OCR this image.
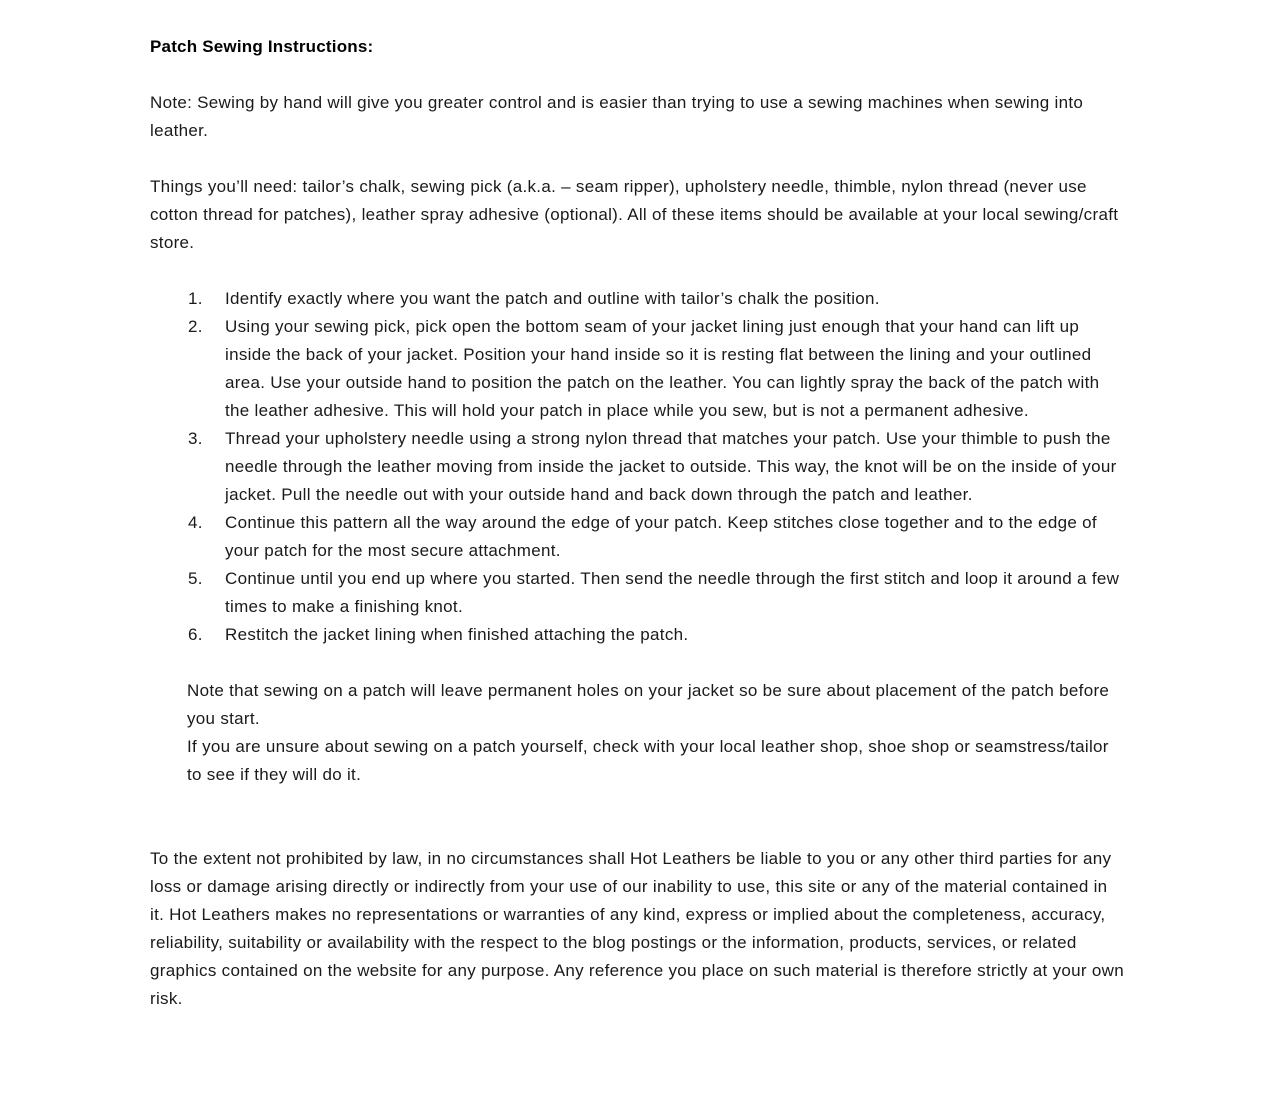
Patch Sewing Instructions:

Note: Sewing by hand will give you greater control and is easier than trying to use a sewing machines when sewing into leather.

Things you’ll need: tailor’s chalk, sewing pick (a.k.a. – seam ripper), upholstery needle, thimble, nylon thread (never use cotton thread for patches), leather spray adhesive (optional). All of these items should be available at your local sewing/craft store.

Identify exactly where you want the patch and outline with tailor’s chalk the position.
Using your sewing pick, pick open the bottom seam of your jacket lining just enough that your hand can lift up inside the back of your jacket. Position your hand inside so it is resting flat between the lining and your outlined area. Use your outside hand to position the patch on the leather. You can lightly spray the back of the patch with the leather adhesive. This will hold your patch in place while you sew, but is not a permanent adhesive.
Thread your upholstery needle using a strong nylon thread that matches your patch. Use your thimble to push the needle through the leather moving from inside the jacket to outside. This way, the knot will be on the inside of your jacket. Pull the needle out with your outside hand and back down through the patch and leather.
Continue this pattern all the way around the edge of your patch. Keep stitches close together and to the edge of your patch for the most secure attachment.
Continue until you end up where you started. Then send the needle through the first stitch and loop it around a few times to make a finishing knot.
Restitch the jacket lining when finished attaching the patch.

Note that sewing on a patch will leave permanent holes on your jacket so be sure about placement of the patch before you start.

If you are unsure about sewing on a patch yourself, check with your local leather shop, shoe shop or seamstress/tailor to see if they will do it.

To the extent not prohibited by law, in no circumstances shall Hot Leathers be liable to you or any other third parties for any loss or damage arising directly or indirectly from your use of our inability to use, this site or any of the material contained in it. Hot Leathers makes no representations or warranties of any kind, express or implied about the completeness, accuracy, reliability, suitability or availability with the respect to the blog postings or the information, products, services, or related graphics contained on the website for any purpose. Any reference you place on such material is therefore strictly at your own risk.
